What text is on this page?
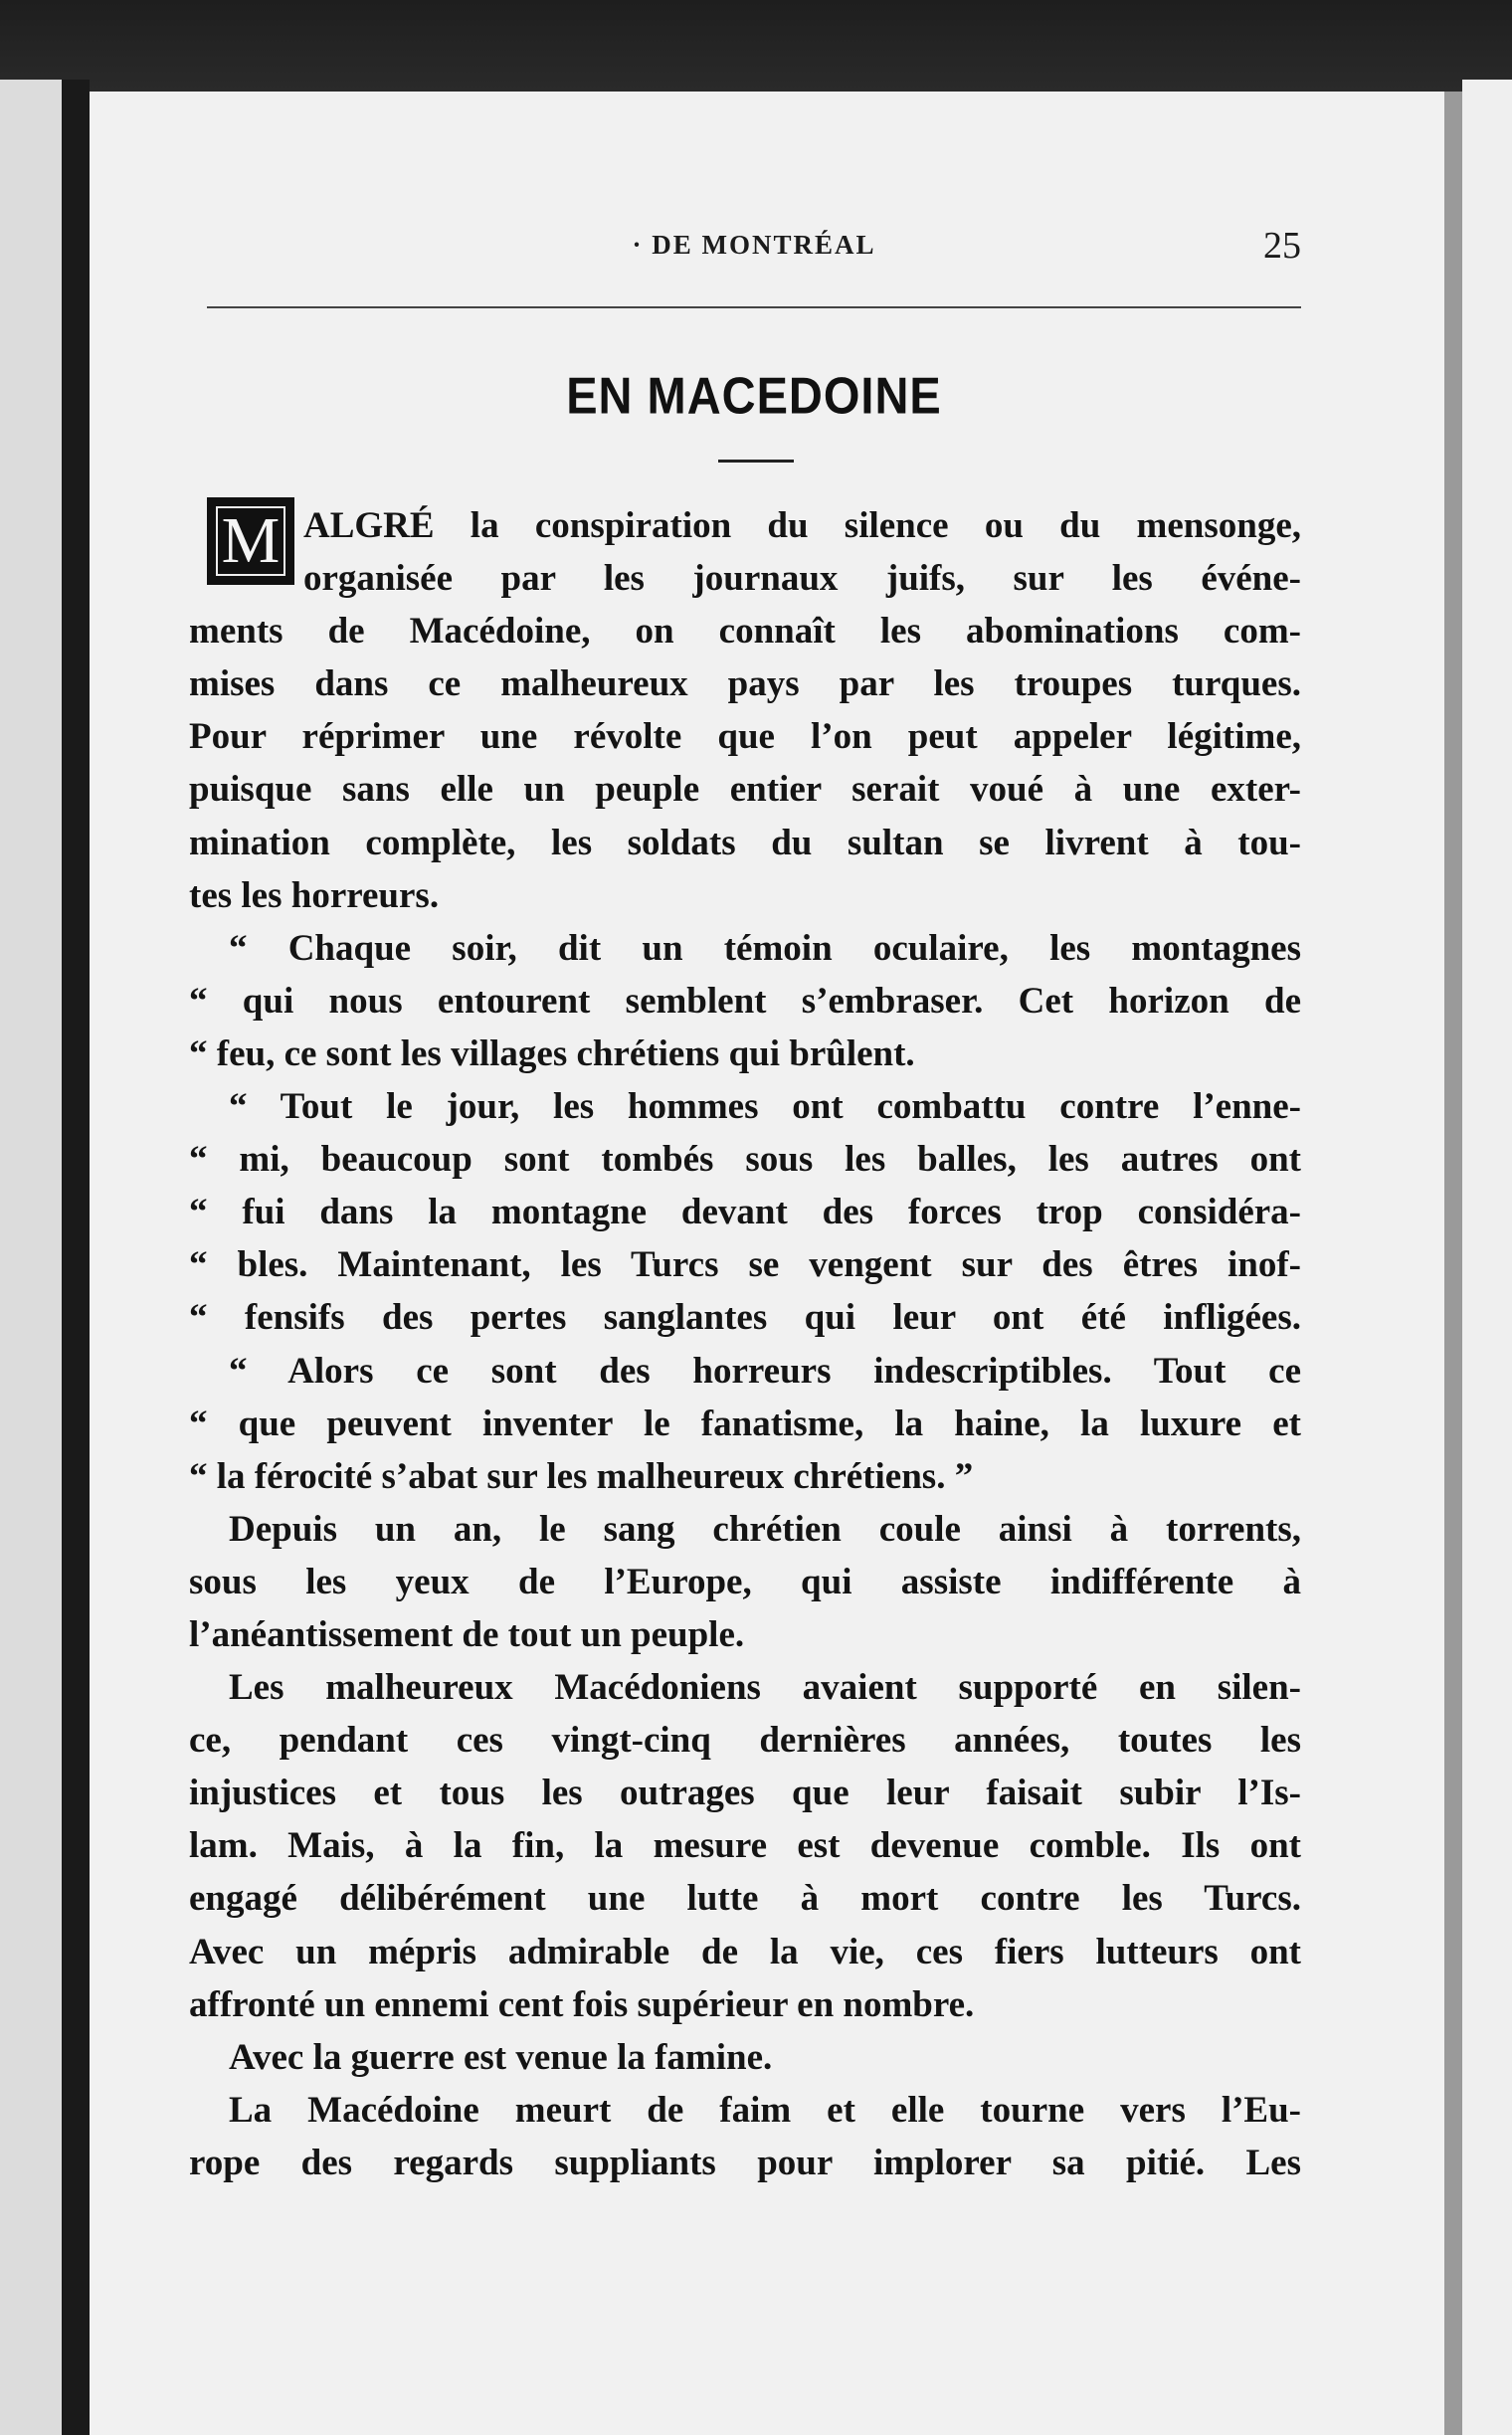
· DE MONTRÉAL	25
EN MACEDOINE
M ALGRÉ la conspiration du silence ou du mensonge,
organisée par les journaux juifs, sur les événe-
ments de Macédoine, on connaît les abominations com-
mises dans ce malheureux pays par les troupes turques.
Pour réprimer une révolte que l’on peut appeler légitime,
puisque sans elle un peuple entier serait voué à une exter-
mination complète, les soldats du sultan se livrent à tou-
tes les horreurs.
“ Chaque soir, dit un témoin oculaire, les montagnes
“ qui nous entourent semblent s’embraser. Cet horizon de
“ feu, ce sont les villages chrétiens qui brûlent.
“ Tout le jour, les hommes ont combattu contre l’enne-
“ mi, beaucoup sont tombés sous les balles, les autres ont
“ fui dans la montagne devant des forces trop considéra-
“ bles. Maintenant, les Turcs se vengent sur des êtres inof-
“ fensifs des pertes sanglantes qui leur ont été infligées.
“ Alors ce sont des horreurs indescriptibles. Tout ce
“ que peuvent inventer le fanatisme, la haine, la luxure et
“ la férocité s’abat sur les malheureux chrétiens. ”
Depuis un an, le sang chrétien coule ainsi à torrents,
sous les yeux de l’Europe, qui assiste indifférente à
l’anéantissement de tout un peuple.
Les malheureux Macédoniens avaient supporté en silen-
ce, pendant ces vingt-cinq dernières années, toutes les
injustices et tous les outrages que leur faisait subir l’Is-
lam. Mais, à la fin, la mesure est devenue comble. Ils ont
engagé délibérément une lutte à mort contre les Turcs.
Avec un mépris admirable de la vie, ces fiers lutteurs ont
affronté un ennemi cent fois supérieur en nombre.
Avec la guerre est venue la famine.
La Macédoine meurt de faim et elle tourne vers l’Eu-
rope des regards suppliants pour implorer sa pitié. Les
